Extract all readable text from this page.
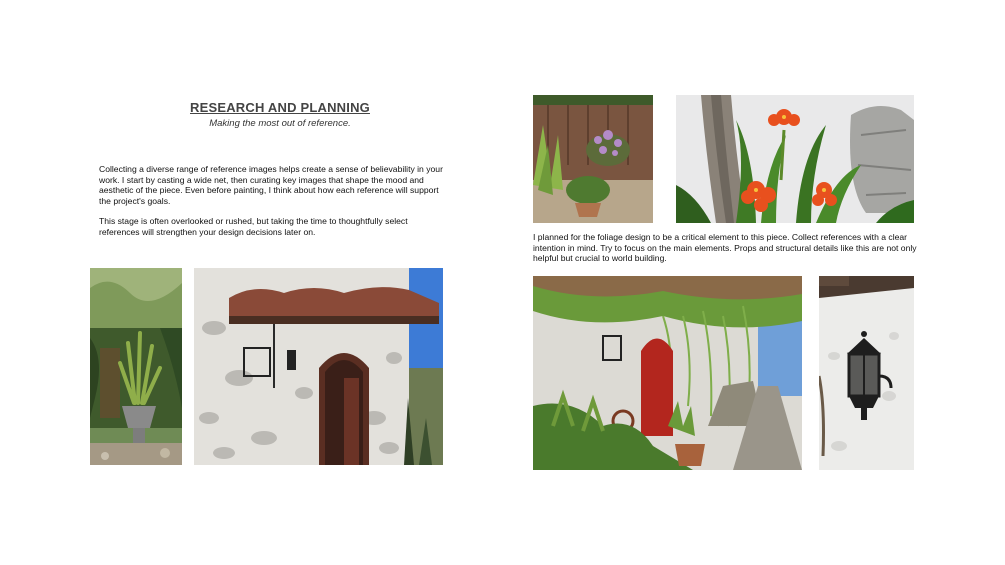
RESEARCH AND PLANNING
Making the most out of reference.

Collecting a diverse range of reference images helps create a sense of believability in your work. I start by casting a wide net, then curating key images that shape the mood and aesthetic of the piece. Even before painting, I think about how each reference will support the project's goals.

This stage is often overlooked or rushed, but taking the time to thoughtfully select references will strengthen your design decisions later on.

I planned for the foliage design to be a critical element to this piece. Collect references with a clear intention in mind. Try to focus on the main elements. Props and structural details like this are not only helpful but crucial to world building.
